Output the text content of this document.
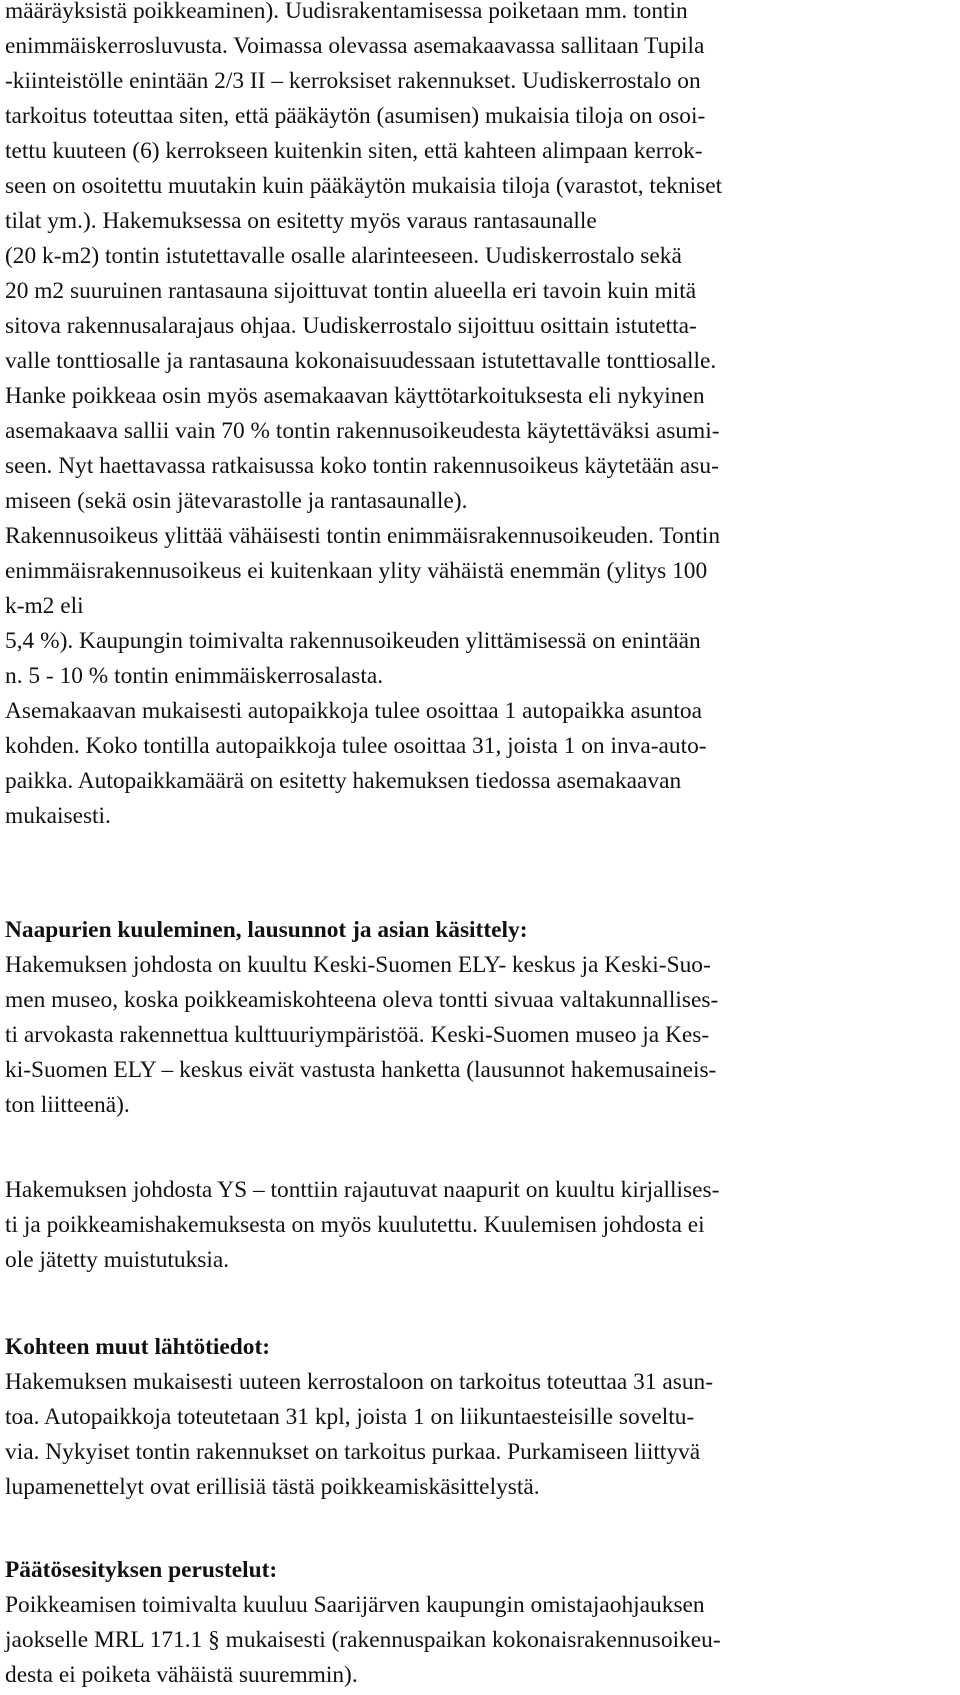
määräyksistä poikkeaminen). Uudisrakentamisessa poiketaan mm. tontin

enimmäiskerrosluvusta. Voimassa olevassa asemakaavassa sallitaan Tupila

-kiinteistölle enintään 2/3 II – kerroksiset rakennukset. Uudiskerrostalo on

tarkoitus toteuttaa siten, että pääkäytön (asumisen) mukaisia tiloja on osoi-

tettu kuuteen (6) kerrokseen kuitenkin siten, että kahteen alimpaan kerrok-

seen on osoitettu muutakin kuin pääkäytön mukaisia tiloja (varastot, tekniset

tilat ym.). Hakemuksessa on esitetty myös varaus rantasaunalle

(20 k-m2) tontin istutettavalle osalle alarinteeseen. Uudiskerrostalo sekä

20 m2 suuruinen rantasauna sijoittuvat tontin alueella eri tavoin kuin mitä

sitova rakennusalarajaus ohjaa. Uudiskerrostalo sijoittuu osittain istutetta-

valle tonttiosalle ja rantasauna kokonaisuudessaan istutettavalle tonttiosalle.

Hanke poikkeaa osin myös asemakaavan käyttötarkoituksesta eli nykyinen

asemakaava sallii vain 70 % tontin rakennusoikeudesta käytettäväksi asumi-

seen. Nyt haettavassa ratkaisussa koko tontin rakennusoikeus käytetään asu-

miseen (sekä osin jätevarastolle ja rantasaunalle).

Rakennusoikeus ylittää vähäisesti tontin enimmäisrakennusoikeuden. Tontin

enimmäisrakennusoikeus ei kuitenkaan ylity vähäistä enemmän (ylitys 100

k-m2 eli

5,4 %). Kaupungin toimivalta rakennusoikeuden ylittämisessä on enintään

n. 5 - 10 % tontin enimmäiskerrosalasta.

Asemakaavan mukaisesti autopaikkoja tulee osoittaa 1 autopaikka asuntoa

kohden. Koko tontilla autopaikkoja tulee osoittaa 31, joista 1 on inva-auto-

paikka. Autopaikkamäärä on esitetty hakemuksen tiedossa asemakaavan

mukaisesti.

Naapurien kuuleminen, lausunnot ja asian käsittely:

Hakemuksen johdosta on kuultu Keski-Suomen ELY- keskus ja Keski-Suo-

men museo, koska poikkeamiskohteena oleva tontti sivuaa valtakunnallises-

ti arvokasta rakennettua kulttuuriympäristöä. Keski-Suomen museo ja Kes-

ki-Suomen ELY – keskus eivät vastusta hanketta (lausunnot hakemusaineis-

ton liitteenä).

Hakemuksen johdosta YS – tonttiin rajautuvat naapurit on kuultu kirjallises-

ti ja poikkeamishakemuksesta on myös kuulutettu. Kuulemisen johdosta ei

ole jätetty muistutuksia.

Kohteen muut lähtötiedot:

Hakemuksen mukaisesti uuteen kerrostaloon on tarkoitus toteuttaa 31 asun-

toa. Autopaikkoja toteutetaan 31 kpl, joista 1 on liikuntaesteisille soveltu-

via. Nykyiset tontin rakennukset on tarkoitus purkaa. Purkamiseen liittyvä

lupamenettelyt ovat erillisiä tästä poikkeamiskäsittelystä.

Päätösesityksen perustelut:

Poikkeamisen toimivalta kuuluu Saarijärven kaupungin omistajaohjauksen

jaokselle MRL 171.1 § mukaisesti (rakennuspaikan kokonaisrakennusoikeu-

desta ei poiketa vähäistä suuremmin).
